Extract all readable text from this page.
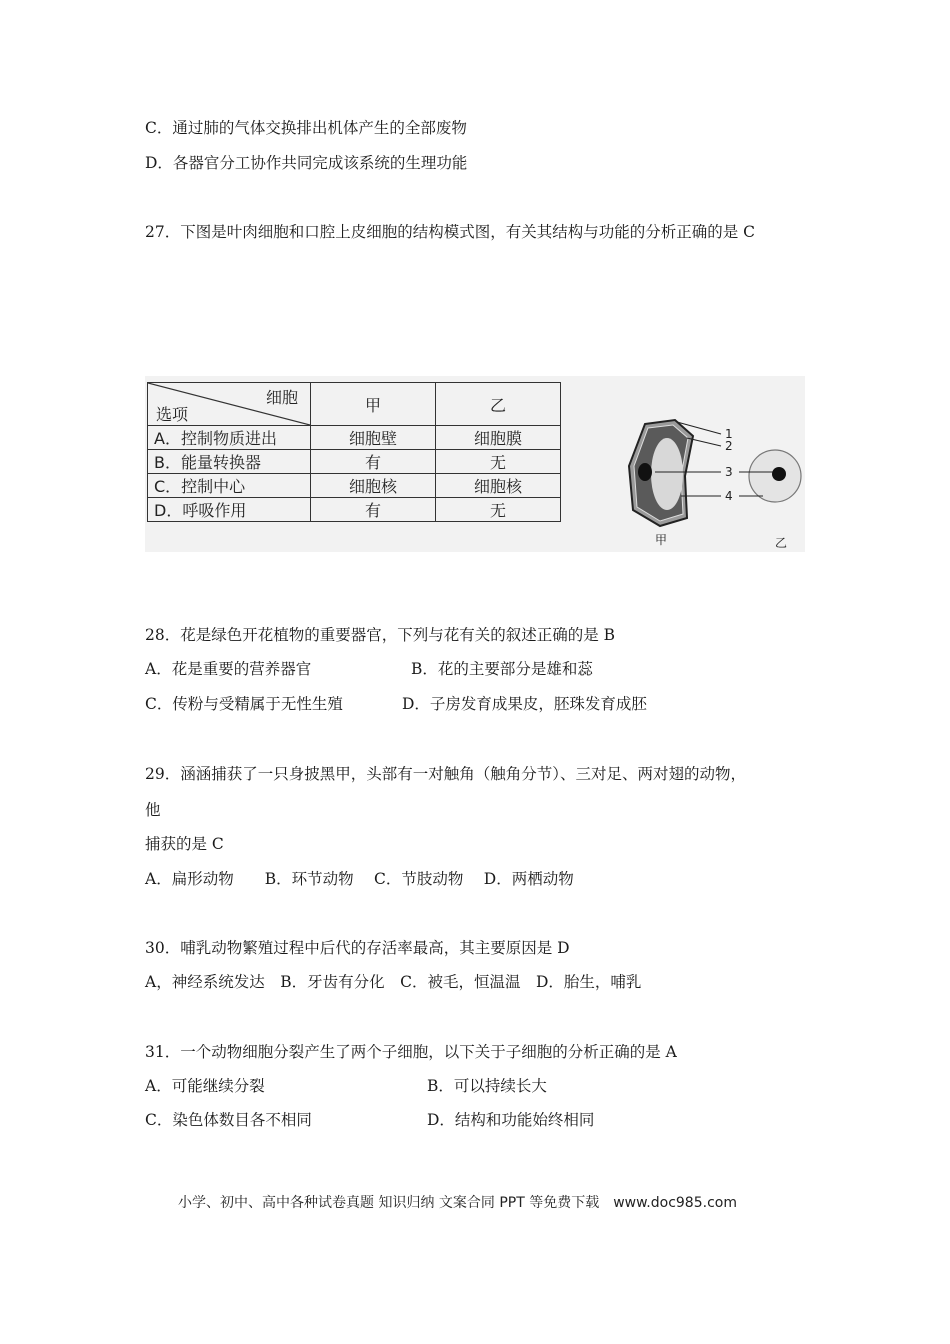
C．通过肺的气体交换排出机体产生的全部废物
D．各器官分工协作共同完成该系统的生理功能
27．下图是叶肉细胞和口腔上皮细胞的结构模式图，有关其结构与功能的分析正确的是 C
细胞
选项	甲	乙
A．控制物质进出	细胞壁	细胞膜
B．能量转换器	有	无
C．控制中心	细胞核	细胞核
D．呼吸作用	有	无
1
2
3
4
甲	乙
28．花是绿色开花植物的重要器官，下列与花有关的叙述正确的是 B
A．花是重要的营养器官	B．花的主要部分是雄和蕊
C．传粉与受精属于无性生殖	D．子房发育成果皮，胚珠发育成胚
29．涵涵捕获了一只身披黑甲，头部有一对触角（触角分节）、三对足、两对翅的动物，
他
捕获的是 C
A．扁形动物　　B．环节动物　 C．节肢动物　 D．两栖动物
30．哺乳动物繁殖过程中后代的存活率最高，其主要原因是 D
A，神经系统发达　B．牙齿有分化　C．被毛，恒温温　D．胎生，哺乳
31．一个动物细胞分裂产生了两个子细胞，以下关于子细胞的分析正确的是 A
A．可能继续分裂	B．可以持续长大
C．染色体数目各不相同	D．结构和功能始终相同
小学、初中、高中各种试卷真题 知识归纳 文案合同 PPT 等免费下载　www.doc985.com
